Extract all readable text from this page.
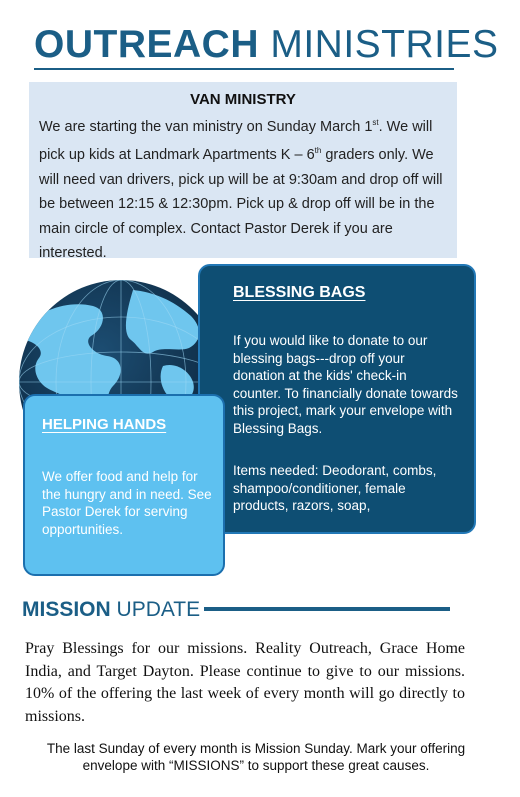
OUTREACH MINISTRIES
VAN MINISTRY
We are starting the van ministry on Sunday March 1st. We will pick up kids at Landmark Apartments K – 6th graders only. We will need van drivers, pick up will be at 9:30am and drop off will be between 12:15 & 12:30pm. Pick up & drop off will be in the main circle of complex. Contact Pastor Derek if you are interested.
BLESSING BAGS
If you would like to donate to our blessing bags---drop off your donation at the kids' check-in counter. To financially donate towards this project, mark your envelope with Blessing Bags.
Items needed: Deodorant, combs, shampoo/conditioner, female products, razors, soap,
HELPING HANDS
We offer food and help for the hungry and in need. See Pastor Derek for serving opportunities.
MISSION UPDATE
Pray Blessings for our missions. Reality Outreach, Grace Home India, and Target Dayton. Please continue to give to our missions. 10% of the offering the last week of every month will go directly to missions.
The last Sunday of every month is Mission Sunday. Mark your offering envelope with “MISSIONS” to support these great causes.
